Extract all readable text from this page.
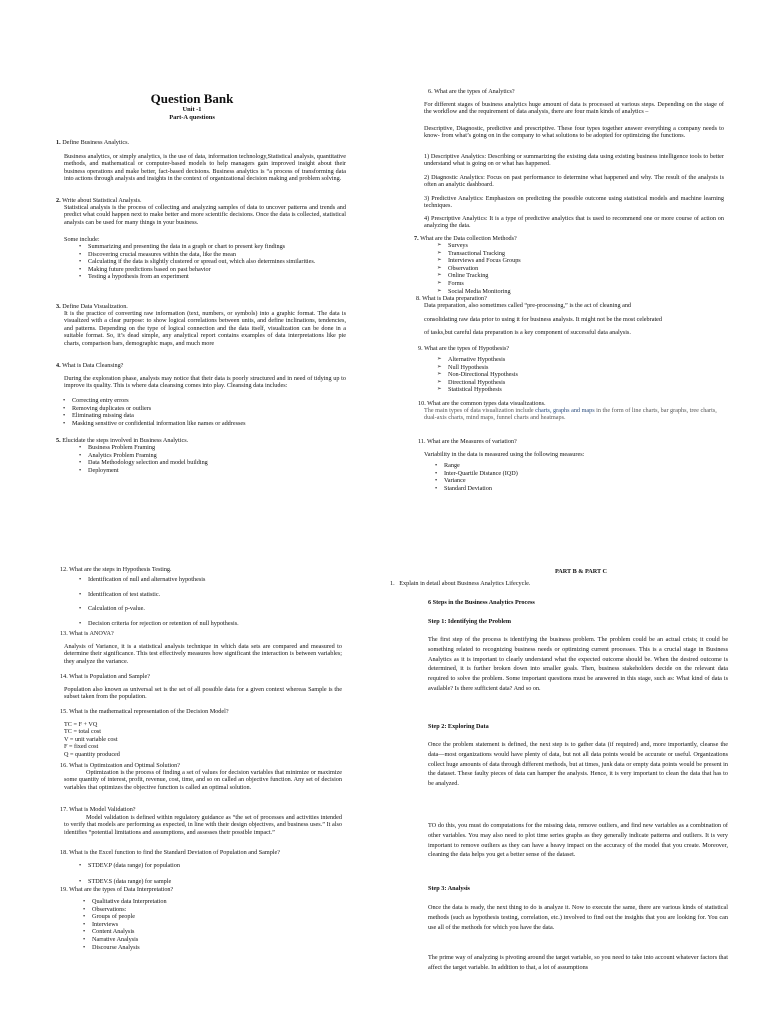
Question Bank
Unit -1
Part-A questions

1. Define Business Analytics.

Business analytics, or simply analytics, is the use of data, information technology,Statistical analysis, quantitative methods, and mathematical or computer-based models to help managers gain improved insight about their business operations and make better, fact-based decisions. Business analytics is “a process of transforming data into actions through analysis and insights in the context of organizational decision making and problem solving.

2. Write about Statistical Analysis.

Statistical analysis is the process of collecting and analyzing samples of data to uncover patterns and trends and predict what could happen next to make better and more scientific decisions. Once the data is collected, statistical analysis can be used for many things in your business.
Some include:
• Summarizing and presenting the data in a graph or chart to present key findings
• Discovering crucial measures within the data, like the mean
• Calculating if the data is slightly clustered or spread out, which also determines similarities.
• Making future predictions based on past behavior
• Testing a hypothesis from an experiment

3. Define Data Visualization.

It is the practice of converting raw information (text, numbers, or symbols) into a graphic format. The data is visualized with a clear purpose: to show logical correlations between units, and define inclinations, tendencies, and patterns. Depending on the type of logical connection and the data itself, visualization can be done in a suitable format. So, it’s dead simple, any analytical report contains examples of data interpretations like pie charts, comparison bars, demographic maps, and much more

4. What is Data Cleansing?

During the exploration phase, analysts may notice that their data is poorly structured and in need of tidying up to improve its quality. This is where data cleansing comes into play. Cleansing data includes:
• Correcting entry errors
• Removing duplicates or outliers
• Eliminating missing data
• Masking sensitive or confidential information like names or addresses

5. Elucidate the steps involved in Business Analytics.

• Business Problem Framing
• Analytics Problem Framing
• Data Methodology selection and model building
• Deployment
6. What are the types of Analytics?
For different stages of business analytics huge amount of data is processed at various steps. Depending on the stage of the workflow and the requirement of data analysis, there are four main kinds of analytics –
Descriptive, Diagnostic, predictive and prescriptive. These four types together answer everything a company needs to know- from what’s going on in the company to what solutions to be adopted for optimizing the functions.
1) Descriptive Analytics: Describing or summarizing the existing data using existing business intelligence tools to better understand what is going on or what has happened.
2) Diagnostic Analytics: Focus on past performance to determine what happened and why. The result of the analysis is often an analytic dashboard.
3) Predictive Analytics: Emphasizes on predicting the possible outcome using statistical models and machine learning techniques.
4) Prescriptive Analytics: It is a type of predictive analytics that is used to recommend one or more course of action on analyzing the data.

7. What are the Data collection Methods?

➢ Surveys
➢ Transactional Tracking
➢ Interviews and Focus Groups
➢ Observation
➢ Online Tracking
➢ Forms
➢ Social Media Monitoring
8. What is Data preparation?
Data preparation, also sometimes called “pre-processing,” is the act of cleaning and
consolidating raw data prior to using it for business analysis. It might not be the most celebrated
of tasks,but careful data preparation is a key component of successful data analysis.
9. What are the types of Hypothesis?
➢ Alternative Hypothesis
➢ Null Hypothesis
➢ Non-Directional Hypothesis
➢ Directional Hypothesis
➢ Statistical Hypothesis
10. What are the common types data visualizations.
The main types of data visualization include charts, graphs and maps in the form of line charts, bar graphs, tree charts, dual-axis charts, mind maps, funnel charts and heatmaps.
11. What are the Measures of variation?
Variability in the data is measured using the following measures:
• Range
• Inter-Quartile Distance (IQD)
• Variance
• Standard Deviation
12. What are the steps in Hypothesis Testing.
• Identification of null and alternative hypothesis
• Identification of test statistic.
• Calculation of p-value.
• Decision criteria for rejection or retention of null hypothesis.
13. What is ANOVA?
Analysis of Variance, it is a statistical analysis technique in which data sets are compared and measured to determine their significance. This test effectively measures how significant the interaction is between variables; they analyze the variance.
14. What is Population and Sample?
Population also known as universal set is the set of all possible data for a given context whereas Sample is the subset taken from the population.
15. What is the mathematical representation of the Decision Model?
TC = F + VQ
TC = total cost
V = unit variable cost
F = fixed cost
Q = quantity produced
16. What is Optimization and Optimal Solution?
Optimization is the process of finding a set of values for decision variables that minimize or maximize some quantity of interest, profit, revenue, cost, time, and so on called an objective function. Any set of decision variables that optimizes the objective function is called an optimal solution.
17. What is Model Validation?
Model validation is defined within regulatory guidance as “the set of processes and activities intended to verify that models are performing as expected, in line with their design objectives, and business uses.” It also identifies “potential limitations and assumptions, and assesses their possible impact.”
18. What is the Excel function to find the Standard Deviation of Population and Sample?
• STDEV.P (data range) for population
• STDEV.S (data range) for sample
19. What are the types of Data Interpretation?
• Qualitative data Interpretation
• Observations:
• Groups of people
• Interviews
• Content Analysis
• Narrative Analysis
• Discourse Analysis
PART B & PART C

1. Explain in detail about Business Analytics Lifecycle.

6 Steps in the Business Analytics Process
Step 1: Identifying the Problem
The first step of the process is identifying the business problem. The problem could be an actual crisis; it could be something related to recognizing business needs or optimizing current processes. This is a crucial stage in Business Analytics as it is important to clearly understand what the expected outcome should be. When the desired outcome is determined, it is further broken down into smaller goals. Then, business stakeholders decide on the relevant data required to solve the problem. Some important questions must be answered in this stage, such as: What kind of data is available? Is there sufficient data? And so on.
Step 2: Exploring Data
Once the problem statement is defined, the next step is to gather data (if required) and, more importantly, cleanse the data—most organizations would have plenty of data, but not all data points would be accurate or useful. Organizations collect huge amounts of data through different methods, but at times, junk data or empty data points would be present in the dataset. These faulty pieces of data can hamper the analysis. Hence, it is very important to clean the data that has to be analyzed.
TO do this, you must do computations for the missing data, remove outliers, and find new variables as a combination of other variables. You may also need to plot time series graphs as they generally indicate patterns and outliers. It is very important to remove outliers as they can have a heavy impact on the accuracy of the model that you create. Moreover, cleaning the data helps you get a better sense of the dataset.
Step 3: Analysis
Once the data is ready, the next thing to do is analyze it. Now to execute the same, there are various kinds of statistical methods (such as hypothesis testing, correlation, etc.) involved to find out the insights that you are looking for. You can use all of the methods for which you have the data.
The prime way of analyzing is pivoting around the target variable, so you need to take into account whatever factors that affect the target variable. In addition to that, a lot of assumptions
